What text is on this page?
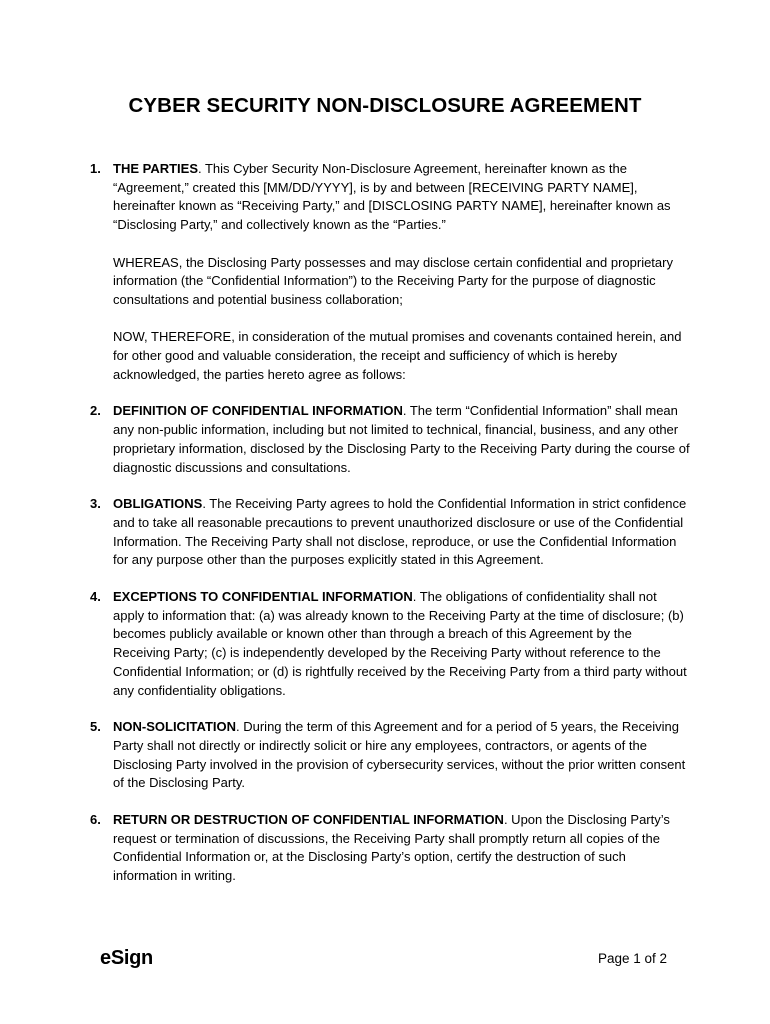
CYBER SECURITY NON-DISCLOSURE AGREEMENT
1. THE PARTIES. This Cyber Security Non-Disclosure Agreement, hereinafter known as the “Agreement,” created this [MM/DD/YYYY], is by and between [RECEIVING PARTY NAME], hereinafter known as “Receiving Party,” and [DISCLOSING PARTY NAME], hereinafter known as “Disclosing Party,” and collectively known as the “Parties.”

WHEREAS, the Disclosing Party possesses and may disclose certain confidential and proprietary information (the “Confidential Information”) to the Receiving Party for the purpose of diagnostic consultations and potential business collaboration;

NOW, THEREFORE, in consideration of the mutual promises and covenants contained herein, and for other good and valuable consideration, the receipt and sufficiency of which is hereby acknowledged, the parties hereto agree as follows:

2. DEFINITION OF CONFIDENTIAL INFORMATION. The term “Confidential Information” shall mean any non-public information, including but not limited to technical, financial, business, and any other proprietary information, disclosed by the Disclosing Party to the Receiving Party during the course of diagnostic discussions and consultations.

3. OBLIGATIONS. The Receiving Party agrees to hold the Confidential Information in strict confidence and to take all reasonable precautions to prevent unauthorized disclosure or use of the Confidential Information. The Receiving Party shall not disclose, reproduce, or use the Confidential Information for any purpose other than the purposes explicitly stated in this Agreement.

4. EXCEPTIONS TO CONFIDENTIAL INFORMATION. The obligations of confidentiality shall not apply to information that: (a) was already known to the Receiving Party at the time of disclosure; (b) becomes publicly available or known other than through a breach of this Agreement by the Receiving Party; (c) is independently developed by the Receiving Party without reference to the Confidential Information; or (d) is rightfully received by the Receiving Party from a third party without any confidentiality obligations.

5. NON-SOLICITATION. During the term of this Agreement and for a period of 5 years, the Receiving Party shall not directly or indirectly solicit or hire any employees, contractors, or agents of the Disclosing Party involved in the provision of cybersecurity services, without the prior written consent of the Disclosing Party.

6. RETURN OR DESTRUCTION OF CONFIDENTIAL INFORMATION. Upon the Disclosing Party’s request or termination of discussions, the Receiving Party shall promptly return all copies of the Confidential Information or, at the Disclosing Party’s option, certify the destruction of such information in writing.

eSign	Page 1 of 2
